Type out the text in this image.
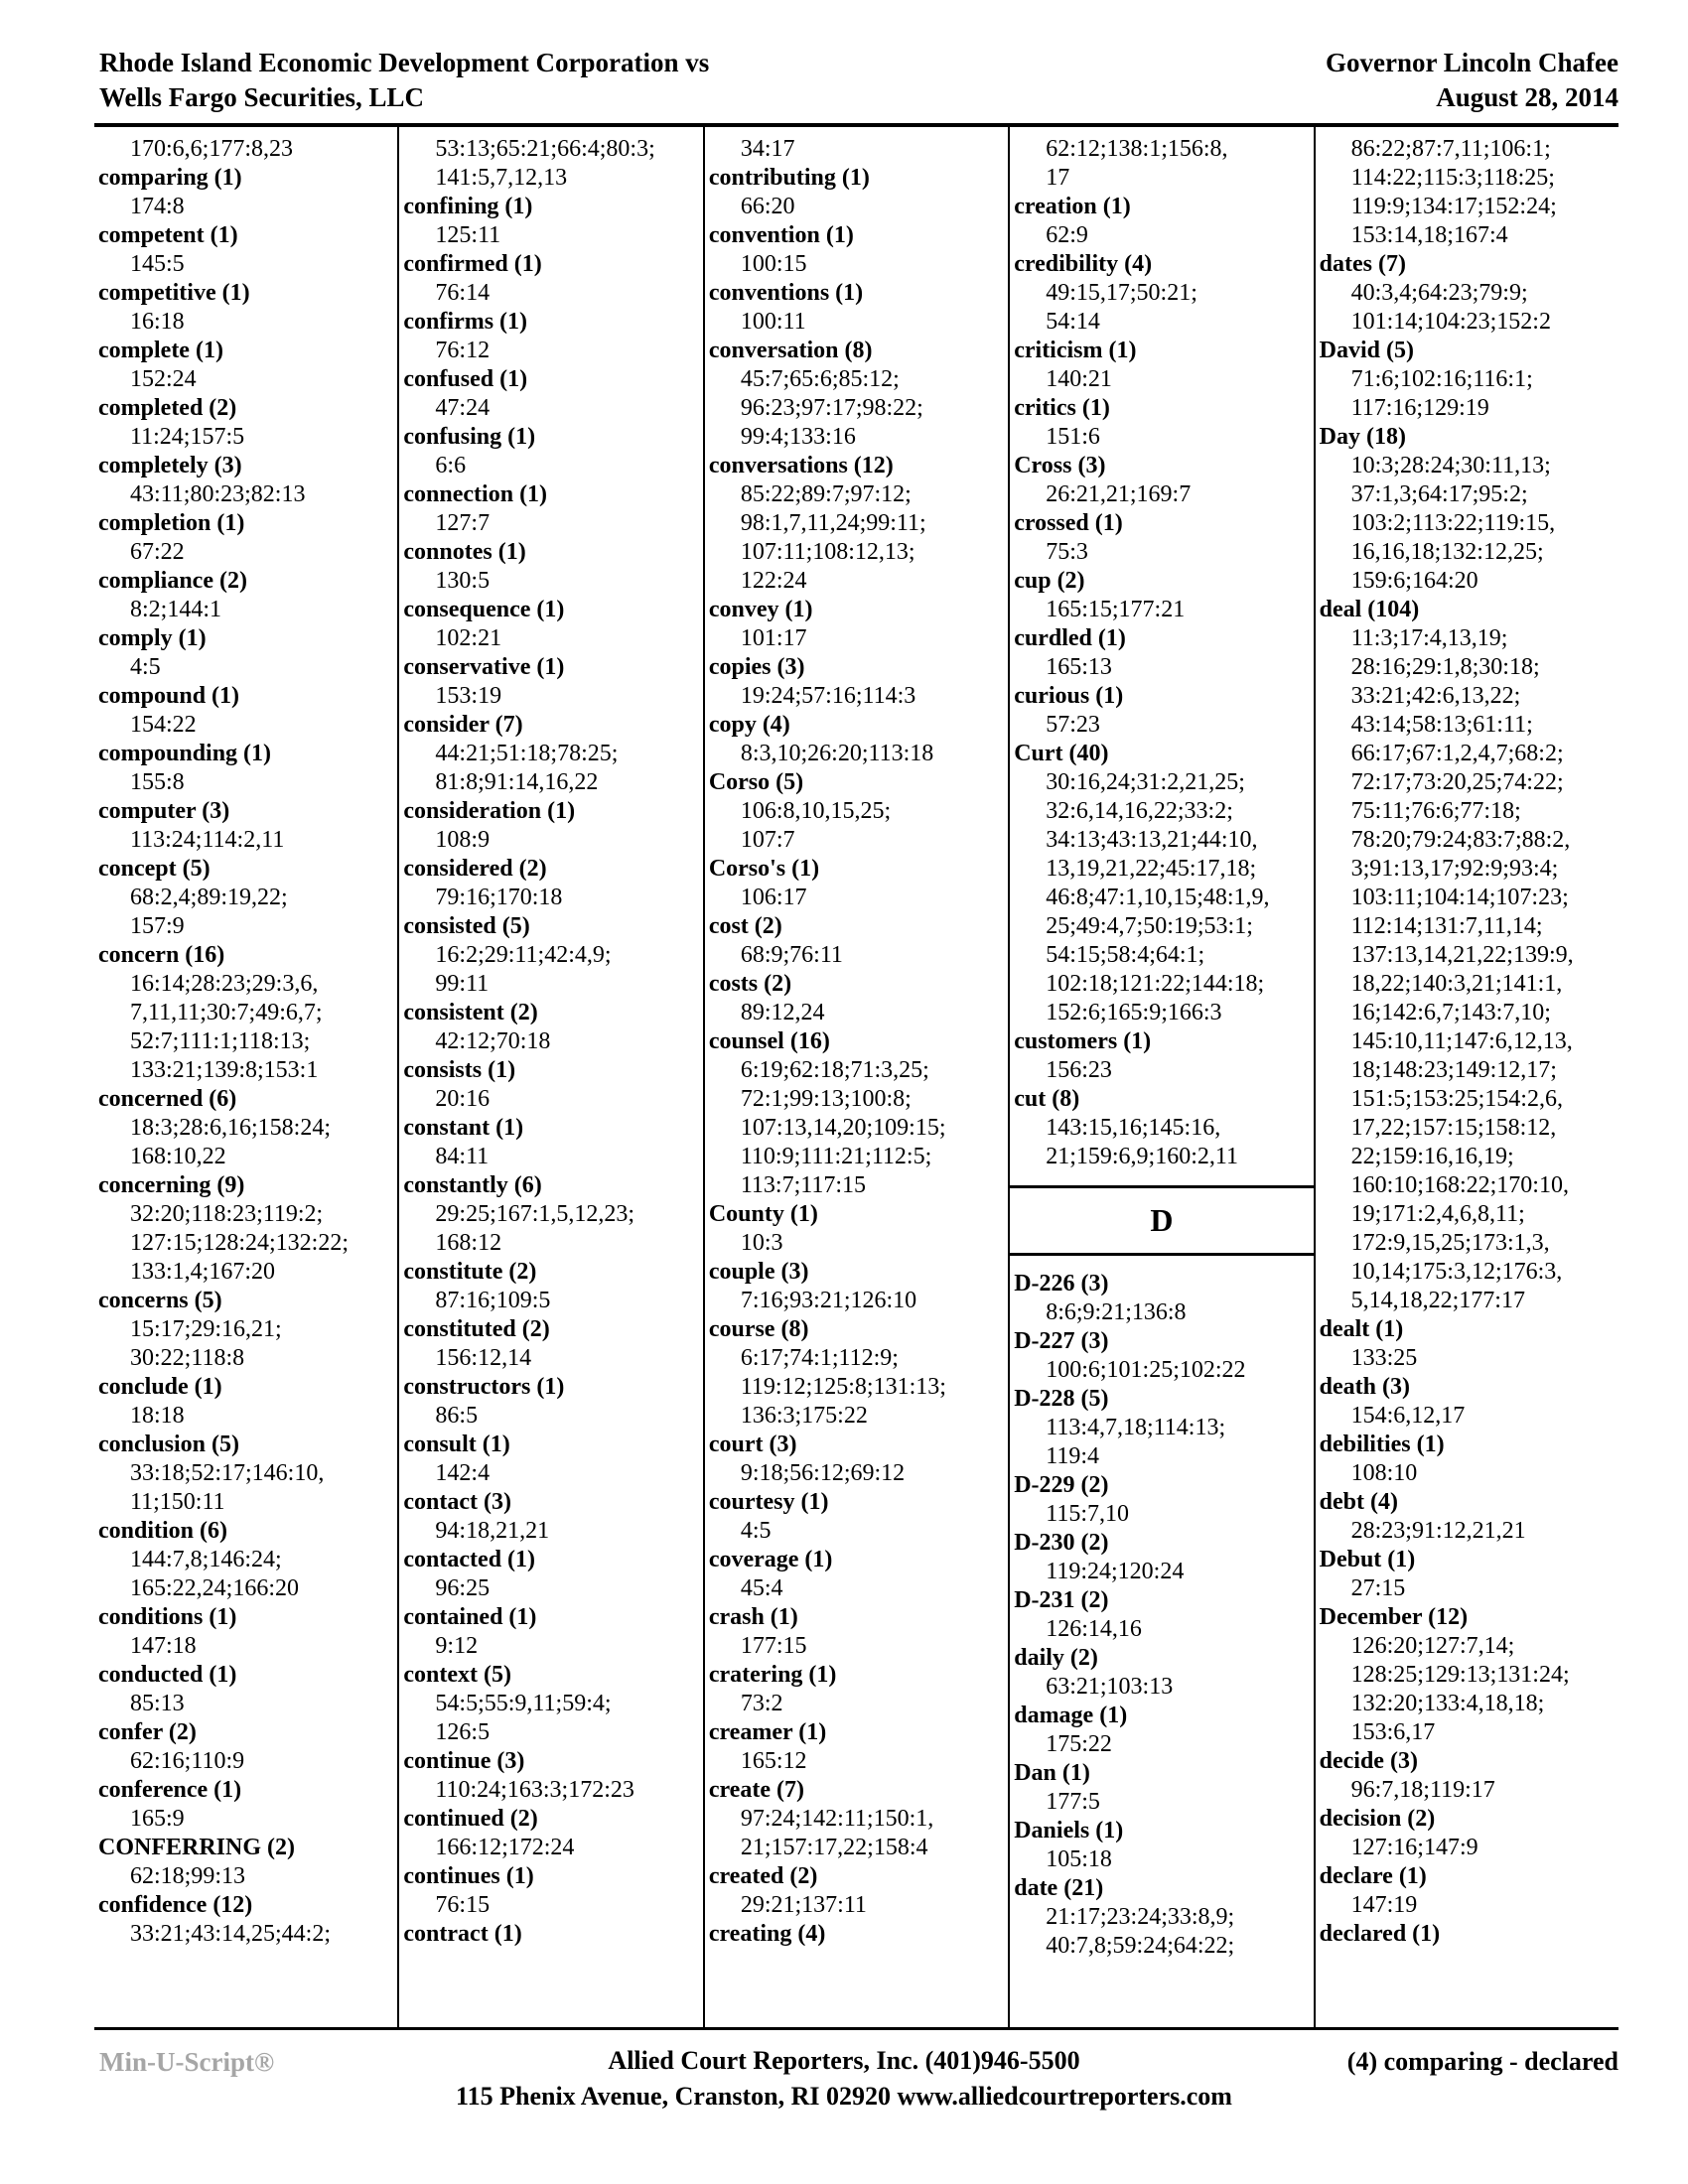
Rhode Island Economic Development Corporation vs
Wells Fargo Securities, LLC
Governor Lincoln Chafee
August 28, 2014
170:6,6;177:8,23
comparing (1)
174:8
competent (1)
145:5
competitive (1)
16:18
complete (1)
152:24
completed (2)
11:24;157:5
completely (3)
43:11;80:23;82:13
completion (1)
67:22
compliance (2)
8:2;144:1
comply (1)
4:5
compound (1)
154:22
compounding (1)
155:8
computer (3)
113:24;114:2,11
concept (5)
68:2,4;89:19,22;
157:9
concern (16)
16:14;28:23;29:3,6,
7,11,11;30:7;49:6,7;
52:7;111:1;118:13;
133:21;139:8;153:1
concerned (6)
18:3;28:6,16;158:24;
168:10,22
concerning (9)
32:20;118:23;119:2;
127:15;128:24;132:22;
133:1,4;167:20
concerns (5)
15:17;29:16,21;
30:22;118:8
conclude (1)
18:18
conclusion (5)
33:18;52:17;146:10,
11;150:11
condition (6)
144:7,8;146:24;
165:22,24;166:20
conditions (1)
147:18
conducted (1)
85:13
confer (2)
62:16;110:9
conference (1)
165:9
CONFERRING (2)
62:18;99:13
confidence (12)
33:21;43:14,25;44:2;
53:13;65:21;66:4;80:3;
141:5,7,12,13
confining (1)
125:11
confirmed (1)
76:14
confirms (1)
76:12
confused (1)
47:24
confusing (1)
6:6
connection (1)
127:7
connotes (1)
130:5
consequence (1)
102:21
conservative (1)
153:19
consider (7)
44:21;51:18;78:25;
81:8;91:14,16,22
consideration (1)
108:9
considered (2)
79:16;170:18
consisted (5)
16:2;29:11;42:4,9;
99:11
consistent (2)
42:12;70:18
consists (1)
20:16
constant (1)
84:11
constantly (6)
29:25;167:1,5,12,23;
168:12
constitute (2)
87:16;109:5
constituted (2)
156:12,14
constructors (1)
86:5
consult (1)
142:4
contact (3)
94:18,21,21
contacted (1)
96:25
contained (1)
9:12
context (5)
54:5;55:9,11;59:4;
126:5
continue (3)
110:24;163:3;172:23
continued (2)
166:12;172:24
continues (1)
76:15
contract (1)
34:17
contributing (1)
66:20
convention (1)
100:15
conventions (1)
100:11
conversation (8)
45:7;65:6;85:12;
96:23;97:17;98:22;
99:4;133:16
conversations (12)
85:22;89:7;97:12;
98:1,7,11,24;99:11;
107:11;108:12,13;
122:24
convey (1)
101:17
copies (3)
19:24;57:16;114:3
copy (4)
8:3,10;26:20;113:18
Corso (5)
106:8,10,15,25;
107:7
Corso's (1)
106:17
cost (2)
68:9;76:11
costs (2)
89:12,24
counsel (16)
6:19;62:18;71:3,25;
72:1;99:13;100:8;
107:13,14,20;109:15;
110:9;111:21;112:5;
113:7;117:15
County (1)
10:3
couple (3)
7:16;93:21;126:10
course (8)
6:17;74:1;112:9;
119:12;125:8;131:13;
136:3;175:22
court (3)
9:18;56:12;69:12
courtesy (1)
4:5
coverage (1)
45:4
crash (1)
177:15
cratering (1)
73:2
creamer (1)
165:12
create (7)
97:24;142:11;150:1,
21;157:17,22;158:4
created (2)
29:21;137:11
creating (4)
62:12;138:1;156:8,
17
creation (1)
62:9
credibility (4)
49:15,17;50:21;
54:14
criticism (1)
140:21
critics (1)
151:6
Cross (3)
26:21,21;169:7
crossed (1)
75:3
cup (2)
165:15;177:21
curdled (1)
165:13
curious (1)
57:23
Curt (40)
30:16,24;31:2,21,25;
32:6,14,16,22;33:2;
34:13;43:13,21;44:10,
13,19,21,22;45:17,18;
46:8;47:1,10,15;48:1,9,
25;49:4,7;50:19;53:1;
54:15;58:4;64:1;
102:18;121:22;144:18;
152:6;165:9;166:3
customers (1)
156:23
cut (8)
143:15,16;145:16,
21;159:6,9;160:2,11
D
D-226 (3)
8:6;9:21;136:8
D-227 (3)
100:6;101:25;102:22
D-228 (5)
113:4,7,18;114:13;
119:4
D-229 (2)
115:7,10
D-230 (2)
119:24;120:24
D-231 (2)
126:14,16
daily (2)
63:21;103:13
damage (1)
175:22
Dan (1)
177:5
Daniels (1)
105:18
date (21)
21:17;23:24;33:8,9;
40:7,8;59:24;64:22;
86:22;87:7,11;106:1;
114:22;115:3;118:25;
119:9;134:17;152:24;
153:14,18;167:4
dates (7)
40:3,4;64:23;79:9;
101:14;104:23;152:2
David (5)
71:6;102:16;116:1;
117:16;129:19
Day (18)
10:3;28:24;30:11,13;
37:1,3;64:17;95:2;
103:2;113:22;119:15,
16,16,18;132:12,25;
159:6;164:20
deal (104)
11:3;17:4,13,19;
28:16;29:1,8;30:18;
33:21;42:6,13,22;
43:14;58:13;61:11;
66:17;67:1,2,4,7;68:2;
72:17;73:20,25;74:22;
75:11;76:6;77:18;
78:20;79:24;83:7;88:2,
3;91:13,17;92:9;93:4;
103:11;104:14;107:23;
112:14;131:7,11,14;
137:13,14,21,22;139:9,
18,22;140:3,21;141:1,
16;142:6,7;143:7,10;
145:10,11;147:6,12,13,
18;148:23;149:12,17;
151:5;153:25;154:2,6,
17,22;157:15;158:12,
22;159:16,16,19;
160:10;168:22;170:10,
19;171:2,4,6,8,11;
172:9,15,25;173:1,3,
10,14;175:3,12;176:3,
5,14,18,22;177:17
dealt (1)
133:25
death (3)
154:6,12,17
debilities (1)
108:10
debt (4)
28:23;91:12,21,21
Debut (1)
27:15
December (12)
126:20;127:7,14;
128:25;129:13;131:24;
132:20;133:4,18,18;
153:6,17
decide (3)
96:7,18;119:17
decision (2)
127:16;147:9
declare (1)
147:19
declared (1)
Min-U-Script®	Allied Court Reporters, Inc. (401)946-5500
115 Phenix Avenue, Cranston, RI 02920 www.alliedcourtreporters.com
(4) comparing - declared
